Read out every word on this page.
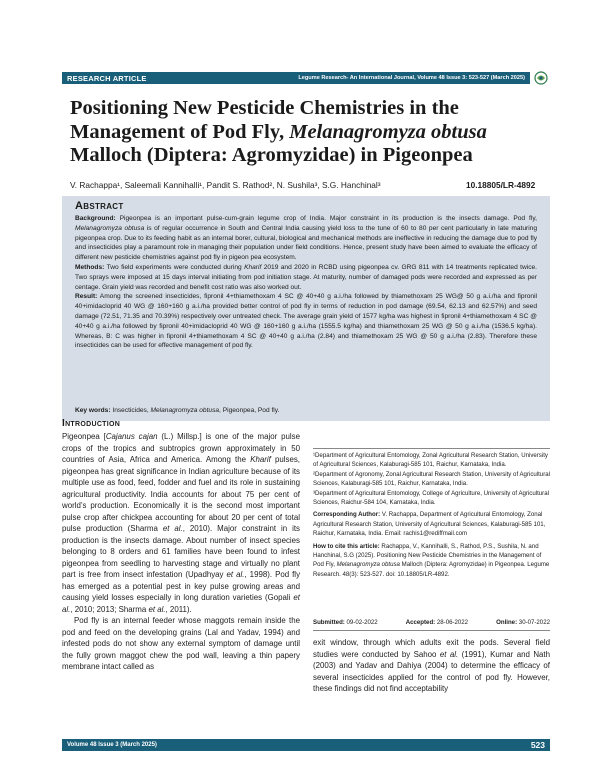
RESEARCH ARTICLE	Legume Research- An International Journal, Volume 48 Issue 3: 523-527 (March 2025)
Positioning New Pesticide Chemistries in the Management of Pod Fly, Melanagromyza obtusa Malloch (Diptera: Agromyzidae) in Pigeonpea
V. Rachappa¹, Saleemali Kannihalli¹, Pandit S. Rathod², N. Sushila³, S.G. Hanchinal³	10.18805/LR-4892
Abstract

Background: Pigeonpea is an important pulse-cum-grain legume crop of India. Major constraint in its production is the insects damage. Pod fly, Melanagromyza obtusa is of regular occurrence in South and Central India causing yield loss to the tune of 60 to 80 per cent particularly in late maturing pigeonpea crop. Due to its feeding habit as an internal borer, cultural, biological and mechanical methods are ineffective in reducing the damage due to pod fly and insecticides play a paramount role in managing their population under field conditions. Hence, present study have been aimed to evaluate the efficacy of different new pesticide chemistries against pod fly in pigeon pea ecosystem.

Methods: Two field experiments were conducted during Kharif 2019 and 2020 in RCBD using pigeonpea cv. GRG 811 with 14 treatments replicated twice. Two sprays were imposed at 15 days interval initiating from pod initiation stage. At maturity, number of damaged pods were recorded and expressed as per centage. Grain yield was recorded and benefit cost ratio was also worked out.

Result: Among the screened insecticides, fipronil 4+thiamethoxam 4 SC @ 40+40 g a.i./ha followed by thiamethoxam 25 WG@ 50 g a.i./ha and fipronil 40+imidacloprid 40 WG @ 160+160 g a.i./ha provided better control of pod fly in terms of reduction in pod damage (69.54, 62.13 and 62.57%) and seed damage (72.51, 71.35 and 70.39%) respectively over untreated check. The average grain yield of 1577 kg/ha was highest in fipronil 4+thiamethoxam 4 SC @ 40+40 g a.i./ha followed by fipronil 40+imidacloprid 40 WG @ 160+160 g a.i./ha (1555.5 kg/ha) and thiamethoxam 25 WG @ 50 g a.i./ha (1536.5 kg/ha). Whereas, B: C was higher in fipronil 4+thiamethoxam 4 SC @ 40+40 g a.i./ha (2.84) and thiamethoxam 25 WG @ 50 g a.i./ha (2.83). Therefore these insecticides can be used for effective management of pod fly.

Key words: Insecticides, Melanagromyza obtusa, Pigeonpea, Pod fly.
Introduction

Pigeonpea [Cajanus cajan (L.) Millsp.] is one of the major pulse crops of the tropics and subtropics grown approximately in 50 countries of Asia, Africa and America. Among the Kharif pulses, pigeonpea has great significance in Indian agriculture because of its multiple use as food, feed, fodder and fuel and its role in sustaining agricultural productivity. India accounts for about 75 per cent of world’s production. Economically it is the second most important pulse crop after chickpea accounting for about 20 per cent of total pulse production (Sharma et al., 2010). Major constraint in its production is the insects damage. About number of insect species belonging to 8 orders and 61 families have been found to infest pigeonpea from seedling to harvesting stage and virtually no plant part is free from insect infestation (Upadhyay et al., 1998). Pod fly has emerged as a potential pest in key pulse growing areas and causing yield losses especially in long duration varieties (Gopali et al., 2010; 2013; Sharma et al., 2011).

Pod fly is an internal feeder whose maggots remain inside the pod and feed on the developing grains (Lal and Yadav, 1994) and infested pods do not show any external symptom of damage until the fully grown maggot chew the pod wall, leaving a thin papery membrane intact called as

¹Department of Agricultural Entomology, Zonal Agricultural Research Station, University of Agricultural Sciences, Kalaburagi-585 101, Raichur, Karnataka, India.

²Department of Agronomy, Zonal Agricultural Research Station, University of Agricultural Sciences, Kalaburagi-585 101, Raichur, Karnataka, India.

³Department of Agricultural Entomology, College of Agriculture, University of Agricultural Sciences, Raichur-584 104, Karnataka, India.

Corresponding Author: V. Rachappa, Department of Agricultural Entomology, Zonal Agricultural Research Station, University of Agricultural Sciences, Kalaburagi-585 101, Raichur, Karnataka, India. Email: rachis1@rediffmail.com

How to cite this article: Rachappa, V., Kannihalli, S., Rathod, P.S., Sushila, N. and Hanchinal, S.G (2025). Positioning New Pesticide Chemistries in the Management of Pod Fly, Melanagromyza obtusa Malloch (Diptera: Agromyzidae) in Pigeonpea. Legume Research. 48(3): 523-527. doi: 10.18805/LR-4892.

Submitted: 09-02-2022	Accepted: 28-06-2022	Online: 30-07-2022

exit window, through which adults exit the pods. Several field studies were conducted by Sahoo et al. (1991), Kumar and Nath (2003) and Yadav and Dahiya (2004) to determine the efficacy of several insecticides applied for the control of pod fly. However, these findings did not find acceptability

Volume 48 Issue 3 (March 2025)	523
